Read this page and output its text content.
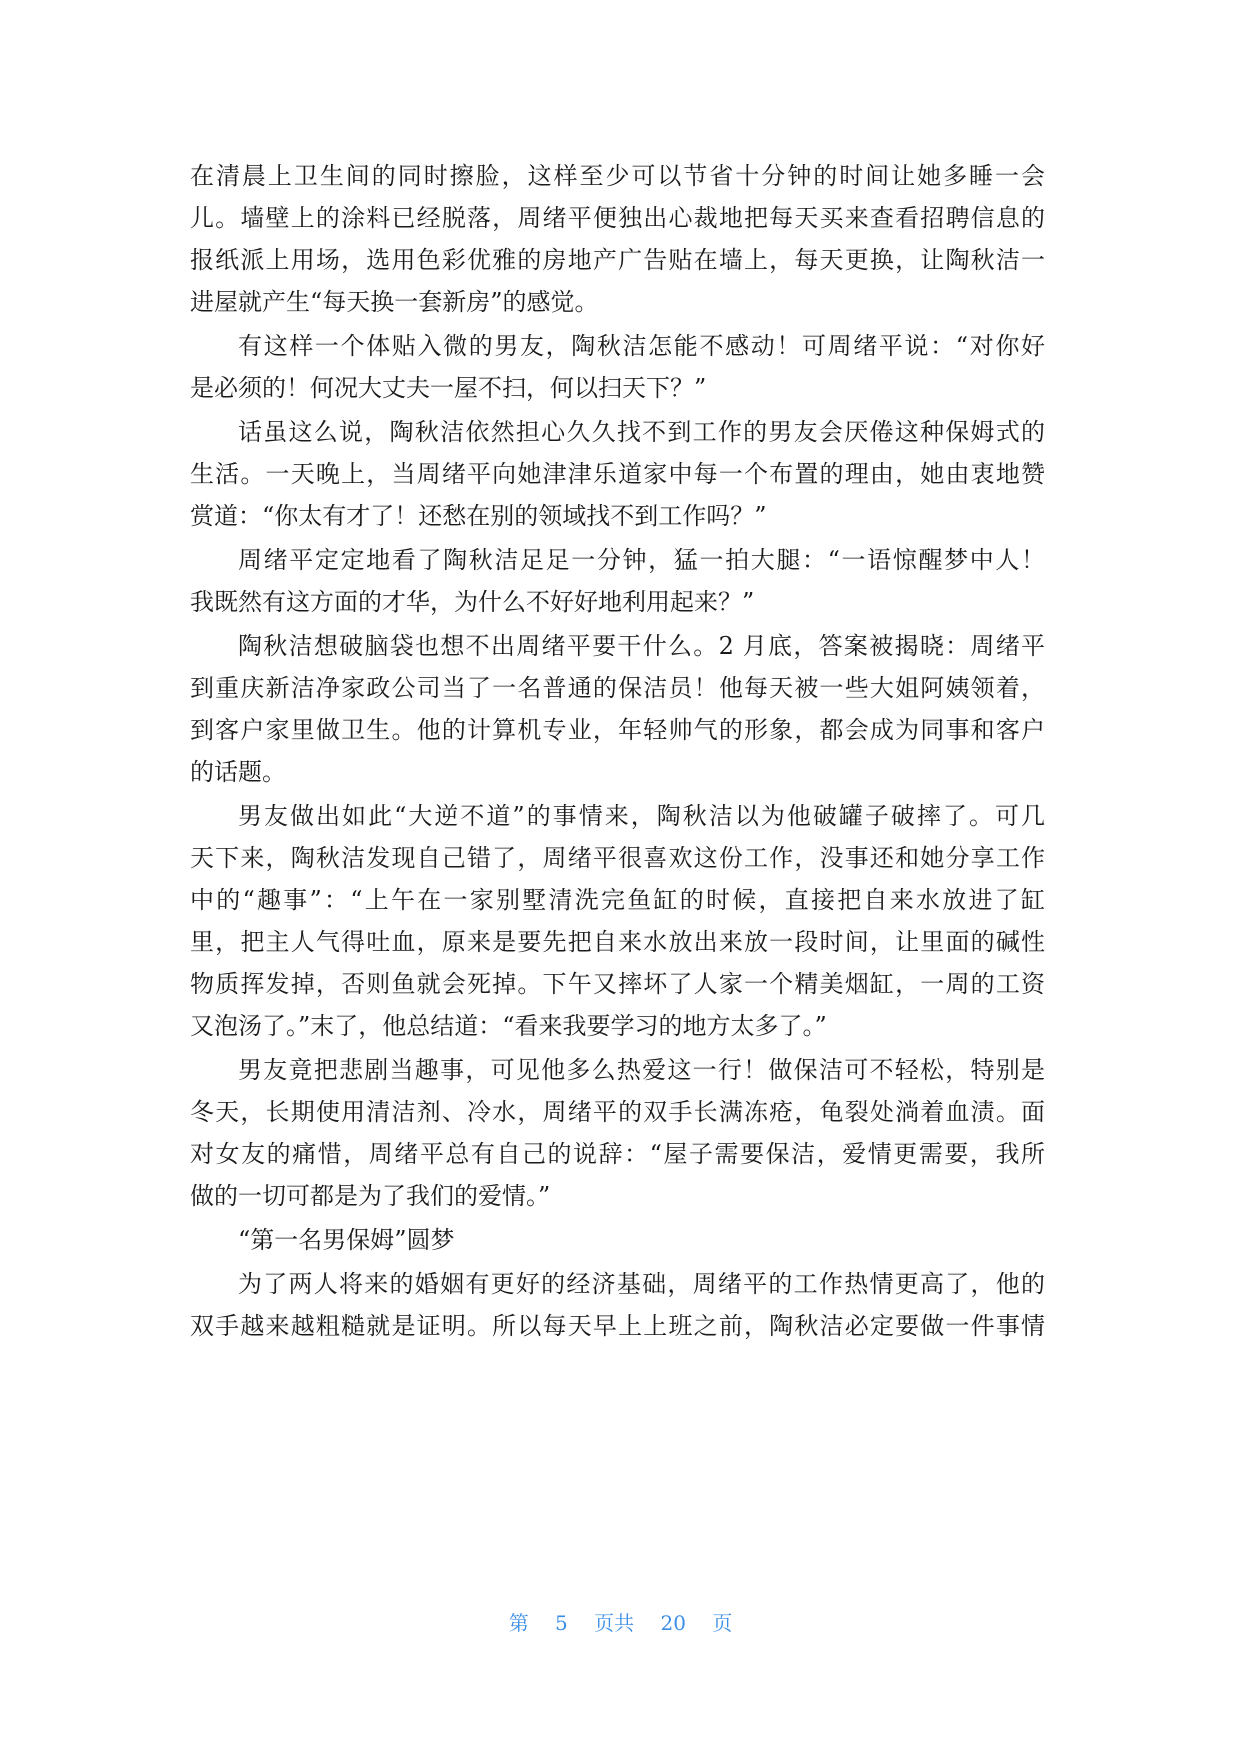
在清晨上卫生间的同时擦脸，这样至少可以节省十分钟的时间让她多睡一会
儿。墙壁上的涂料已经脱落，周绪平便独出心裁地把每天买来查看招聘信息的
报纸派上用场，选用色彩优雅的房地产广告贴在墙上，每天更换，让陶秋洁一
进屋就产生“每天换一套新房”的感觉。
有这样一个体贴入微的男友，陶秋洁怎能不感动！可周绪平说：“对你好
是必须的！何况大丈夫一屋不扫，何以扫天下？”
话虽这么说，陶秋洁依然担心久久找不到工作的男友会厌倦这种保姆式的
生活。一天晚上，当周绪平向她津津乐道家中每一个布置的理由，她由衷地赞
赏道：“你太有才了！还愁在别的领域找不到工作吗？”
周绪平定定地看了陶秋洁足足一分钟，猛一拍大腿：“一语惊醒梦中人！
我既然有这方面的才华，为什么不好好地利用起来？”
陶秋洁想破脑袋也想不出周绪平要干什么。2 月底，答案被揭晓：周绪平
到重庆新洁净家政公司当了一名普通的保洁员！他每天被一些大姐阿姨领着，
到客户家里做卫生。他的计算机专业，年轻帅气的形象，都会成为同事和客户
的话题。
男友做出如此“大逆不道”的事情来，陶秋洁以为他破罐子破摔了。可几
天下来，陶秋洁发现自己错了，周绪平很喜欢这份工作，没事还和她分享工作
中的“趣事”：“上午在一家别墅清洗完鱼缸的时候，直接把自来水放进了缸
里，把主人气得吐血，原来是要先把自来水放出来放一段时间，让里面的碱性
物质挥发掉，否则鱼就会死掉。下午又摔坏了人家一个精美烟缸，一周的工资
又泡汤了。”末了，他总结道：“看来我要学习的地方太多了。”
男友竟把悲剧当趣事，可见他多么热爱这一行！做保洁可不轻松，特别是
冬天，长期使用清洁剂、冷水，周绪平的双手长满冻疮，龟裂处淌着血渍。面
对女友的痛惜，周绪平总有自己的说辞：“屋子需要保洁，爱情更需要，我所
做的一切可都是为了我们的爱情。”
“第一名男保姆”圆梦
为了两人将来的婚姻有更好的经济基础，周绪平的工作热情更高了，他的
双手越来越粗糙就是证明。所以每天早上上班之前，陶秋洁必定要做一件事情
第 5 页共 20 页
